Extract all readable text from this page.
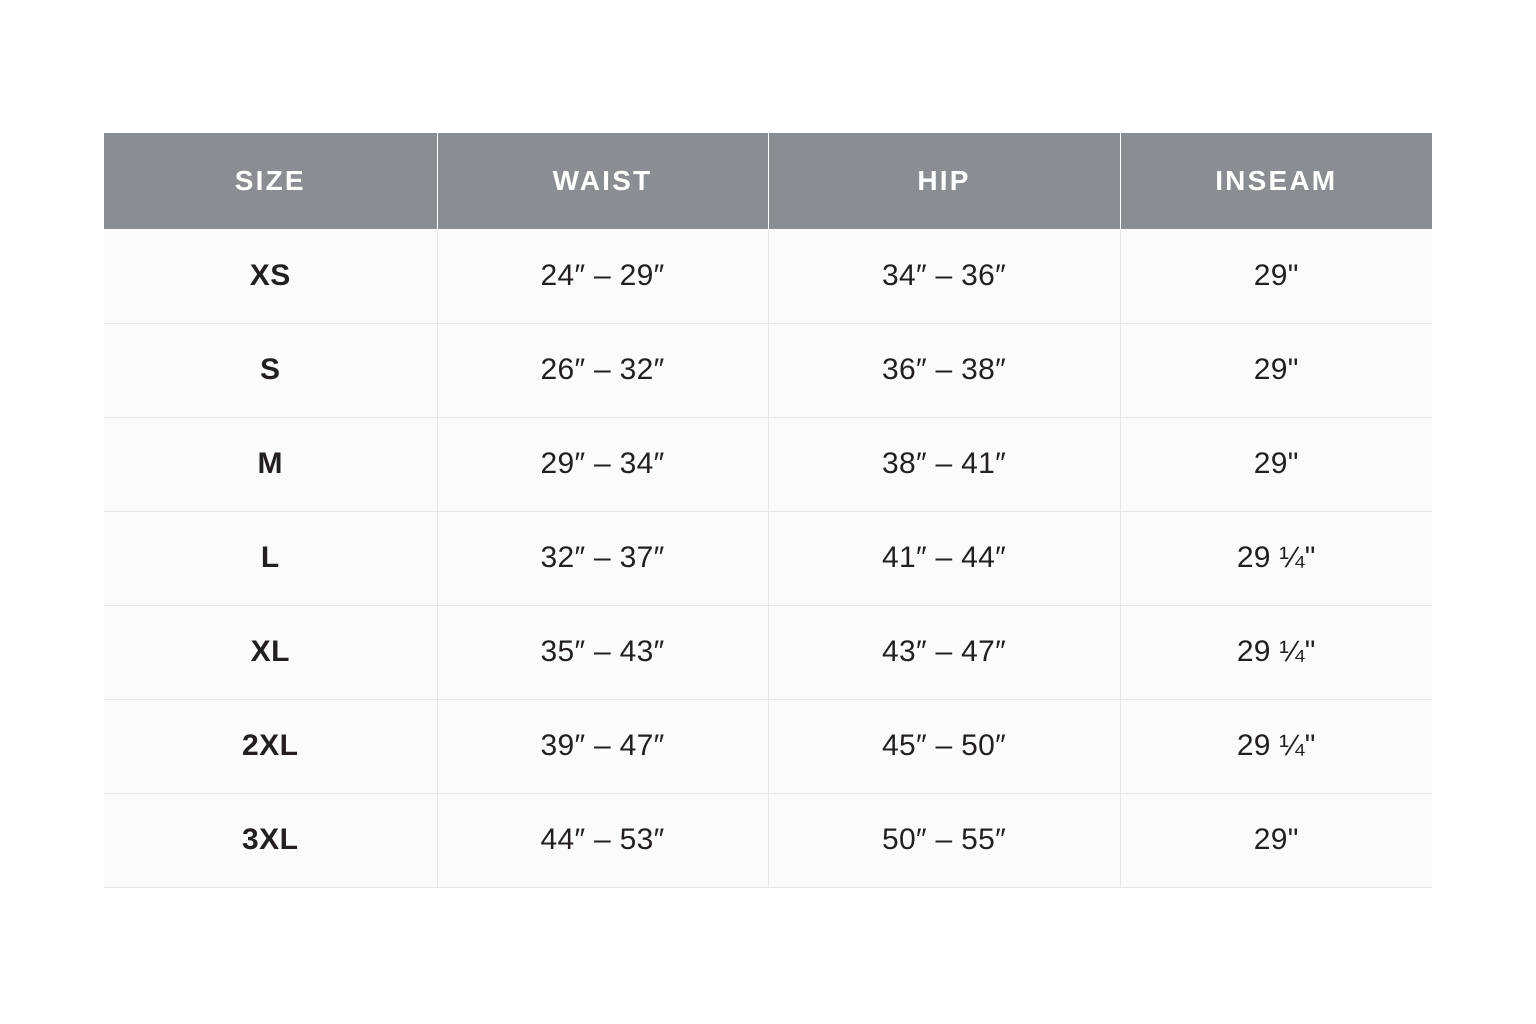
SIZE	WAIST	HIP	INSEAM
XS	24″ – 29″	34″ – 36″	29"
S	26″ – 32″	36″ – 38″	29"
M	29″ – 34″	38″ – 41″	29"
L	32″ – 37″	41″ – 44″	29 ¼"
XL	35″ – 43″	43″ – 47″	29 ¼"
2XL	39″ – 47″	45″ – 50″	29 ¼"
3XL	44″ – 53″	50″ – 55″	29"
